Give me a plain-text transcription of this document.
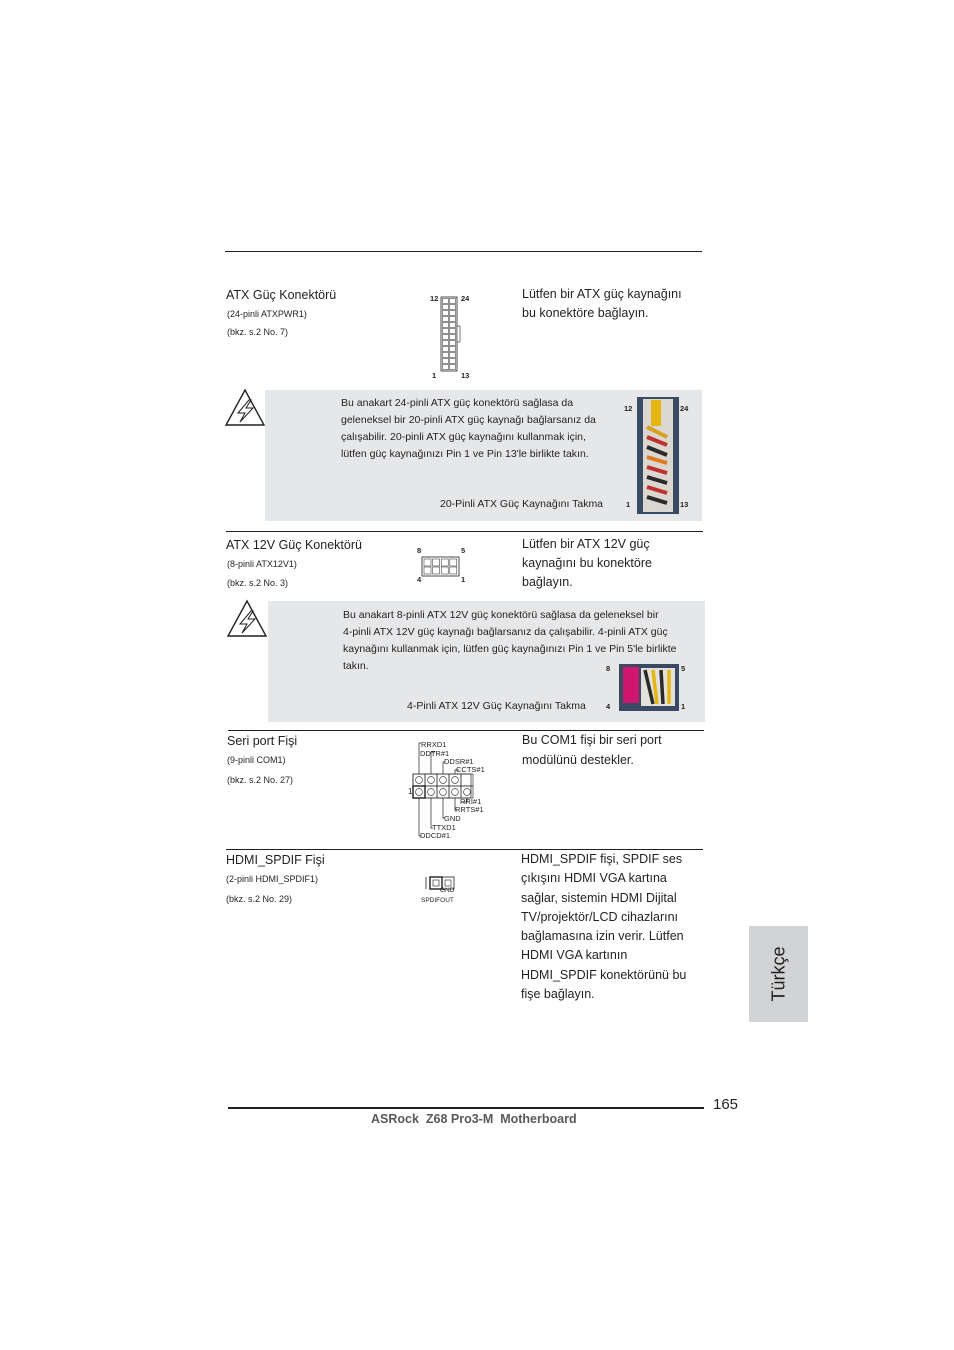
ATX Güç Konektörü
(24-pinli ATXPWR1)
(bkz. s.2 No. 7)
12	24
1	13
Lütfen bir ATX güç kaynağını
bu konektöre bağlayın.
Bu anakart 24-pinli ATX güç konektörü sağlasa da
geleneksel bir 20-pinli ATX güç kaynağı bağlarsanız da
çalışabilir. 20-pinli ATX güç kaynağını kullanmak için,
lütfen güç kaynağınızı Pin 1 ve Pin 13'le birlikte takın.
20-Pinli ATX Güç Kaynağını Takma
12	24
1	13
ATX 12V Güç Konektörü
(8-pinli ATX12V1)
(bkz. s.2 No. 3)
8	5
4	1
Lütfen bir ATX 12V güç
kaynağını bu konektöre
bağlayın.
Bu anakart 8-pinli ATX 12V güç konektörü sağlasa da geleneksel bir
4-pinli ATX 12V güç kaynağı bağlarsanız da çalışabilir. 4-pinli ATX güç
kaynağını kullanmak için, lütfen güç kaynağınızı Pin 1 ve Pin 5'le birlikte
takın.
4-Pinli ATX 12V Güç Kaynağını Takma
8	5
4	1
Seri port Fişi
(9-pinli COM1)
(bkz. s.2 No. 27)
RRXD1
DDTR#1
DDSR#1
CCTS#1
RRI#1
RRTS#1
GND
TTXD1
DDCD#1
1
Bu COM1 fişi bir seri port
modülünü destekler.
HDMI_SPDIF Fişi
(2-pinli HDMI_SPDIF1)
(bkz. s.2 No. 29)
GND
SPDIFOUT
HDMI_SPDIF fişi, SPDIF ses
çıkışını HDMI VGA kartına
sağlar, sistemin HDMI Dijital
TV/projektör/LCD cihazlarını
bağlamasına izin verir. Lütfen
HDMI VGA kartının
HDMI_SPDIF konektörünü bu
fişe bağlayın.	Türkçe
165
ASRock  Z68 Pro3-M  Motherboard
